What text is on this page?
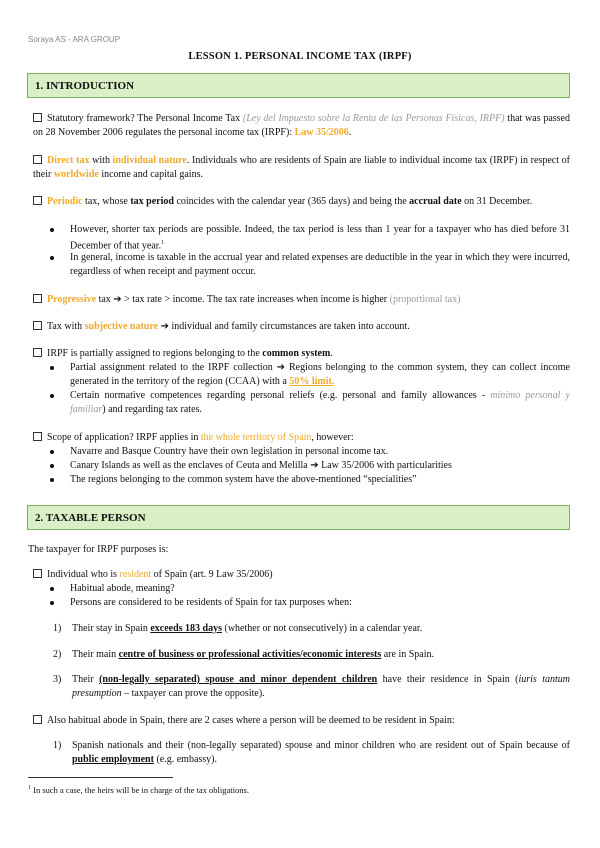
Soraya AS - ARA GROUP
LESSON 1. PERSONAL INCOME TAX (IRPF)
1. INTRODUCTION
Statutory framework? The Personal Income Tax (Ley del Impuesto sobre la Renta de las Personas Físicas, IRPF) that was passed on 28 November 2006 regulates the personal income tax (IRPF): Law 35/2006.
Direct tax with individual nature. Individuals who are residents of Spain are liable to individual income tax (IRPF) in respect of their worldwide income and capital gains.
Periodic tax, whose tax period coincides with the calendar year (365 days) and being the accrual date on 31 December.
However, shorter tax periods are possible. Indeed, the tax period is less than 1 year for a taxpayer who has died before 31 December of that year.$^1$
In general, income is taxable in the accrual year and related expenses are deductible in the year in which they were incurred, regardless of when receipt and payment occur.
Progressive tax ➔ > tax rate > income. The tax rate increases when income is higher (proportional tax)
Tax with subjective nature ➔ individual and family circumstances are taken into account.
IRPF is partially assigned to regions belonging to the common system.
Partial assignment related to the IRPF collection ➔ Regions belonging to the common system, they can collect income generated in the territory of the region (CCAA) with a 50% limit.
Certain normative competences regarding personal reliefs (e.g. personal and family allowances - mínimo personal y familiar) and regarding tax rates.
Scope of application? IRPF applies in the whole territory of Spain, however:
Navarre and Basque Country have their own legislation in personal income tax.
Canary Islands as well as the enclaves of Ceuta and Melilla ➔ Law 35/2006 with particularities
The regions belonging to the common system have the above-mentioned “specialities”
2. TAXABLE PERSON
The taxpayer for IRPF purposes is:
Individual who is resident of Spain (art. 9 Law 35/2006)
Habitual abode, meaning?
Persons are considered to be residents of Spain for tax purposes when:
1) Their stay in Spain exceeds 183 days (whether or not consecutively) in a calendar year.
2) Their main centre of business or professional activities/economic interests are in Spain.
3) Their (non-legally separated) spouse and minor dependent children have their residence in Spain (iuris tantum presumption – taxpayer can prove the opposite).
Also habitual abode in Spain, there are 2 cases where a person will be deemed to be resident in Spain:
1) Spanish nationals and their (non-legally separated) spouse and minor children who are resident out of Spain because of public employment (e.g. embassy).
$^1$ In such a case, the heirs will be in charge of the tax obligations.
